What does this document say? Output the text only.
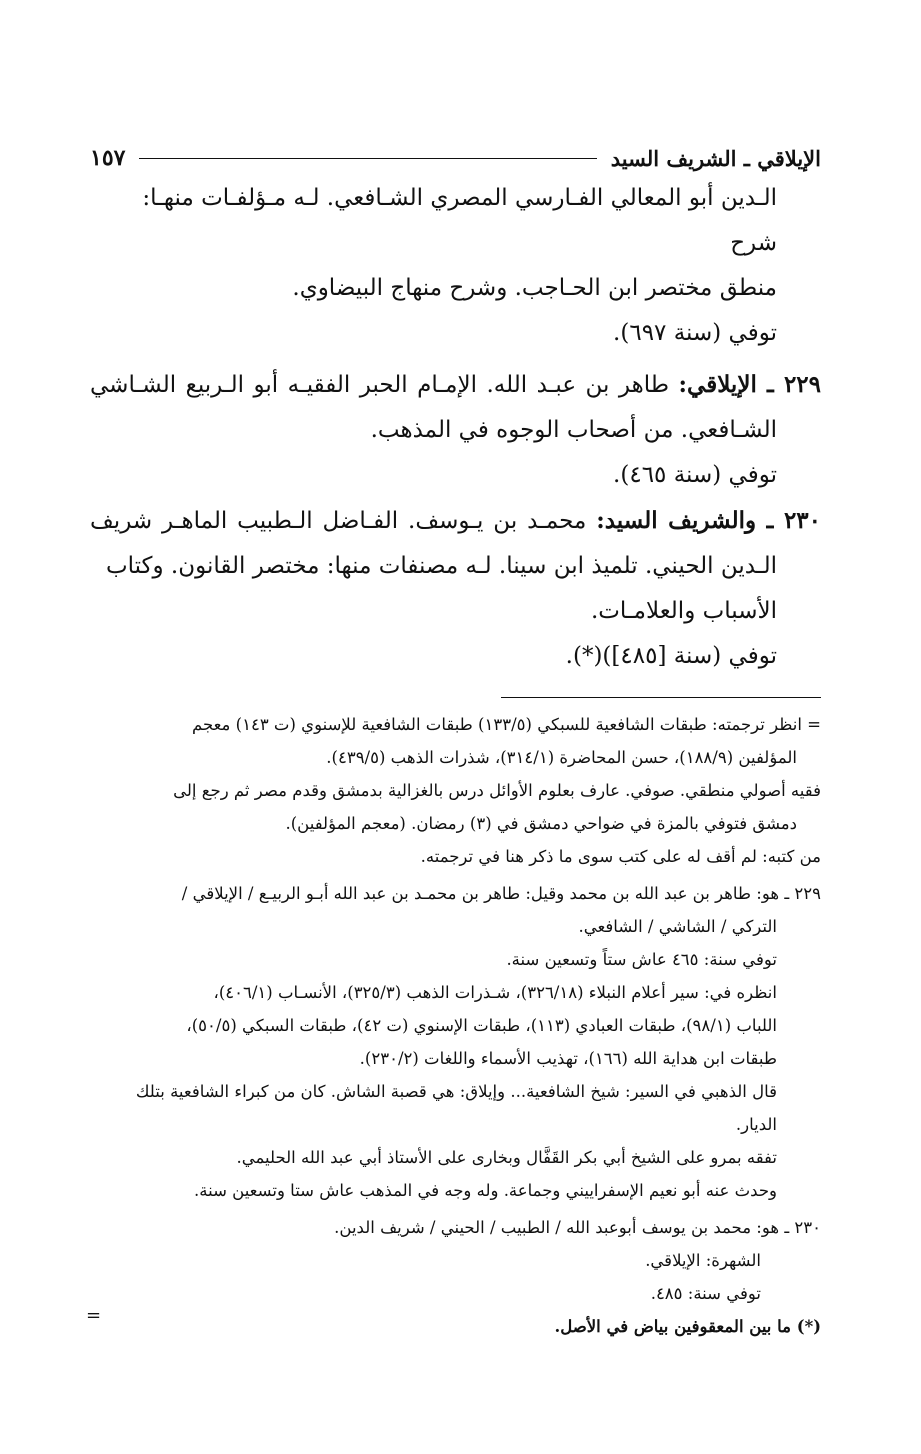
الإيلاقي ـ الشريف السيد
١٥٧

الـدين أبو المعالي الفـارسي المصري الشـافعي. لـه مـؤلفـات منهـا: شرح

منطق مختصر ابن الحـاجب. وشرح منهاج البيضاوي.

توفي (سنة ٦٩٧).

٢٢٩ ـ الإيلاقي: طاهر بن عبـد الله. الإمـام الحبر الفقيـه أبو الـربيع الشـاشي

الشـافعي. من أصحاب الوجوه في المذهب.

توفي (سنة ٤٦٥).

٢٣٠ ـ والشريف السيد: محمـد بن يـوسف. الفـاضل الـطبيب الماهـر شريف

الـدين الحيني. تلميذ ابن سينا. لـه مصنفات منها: مختصر القانون. وكتاب

الأسباب والعلامـات.

توفي (سنة [٤٨٥])(*).

= انظر ترجمته: طبقات الشافعية للسبكي (١٣٣/٥) طبقات الشافعية للإسنوي (ت ١٤٣) معجم

المؤلفين (١٨٨/٩)، حسن المحاضرة (٣١٤/١)، شذرات الذهب (٤٣٩/٥).

فقيه أصولي منطقي. صوفي. عارف بعلوم الأوائل درس بالغزالية بدمشق وقدم مصر ثم رجع إلى

دمشق فتوفي بالمزة في ضواحي دمشق في (٣) رمضان. (معجم المؤلفين).

من كتبه: لم أقف له على كتب سوى ما ذكر هنا في ترجمته.

٢٢٩ ـ هو: طاهر بن عبد الله بن محمد وقيل: طاهر بن محمـد بن عبد الله أبـو الربيـع / الإيلاقي /

التركي / الشاشي / الشافعي.

توفي سنة: ٤٦٥ عاش ستاً وتسعين سنة.

انظره في: سير أعلام النبلاء (٣٢٦/١٨)، شـذرات الذهب (٣٢٥/٣)، الأنسـاب (٤٠٦/١)،

اللباب (٩٨/١)، طبقات العبادي (١١٣)، طبقات الإسنوي (ت ٤٢)، طبقات السبكي (٥٠/٥)،

طبقات ابن هداية الله (١٦٦)، تهذيب الأسماء واللغات (٢٣٠/٢).

قال الذهبي في السير: شيخ الشافعية... وإيلاق: هي قصبة الشاش. كان من كبراء الشافعية بتلك

الديار.

تفقه بمرو على الشيخ أبي بكر القَفَّال وبخارى على الأستاذ أبي عبد الله الحليمي.

وحدث عنه أبو نعيم الإسفراييني وجماعة. وله وجه في المذهب عاش ستا وتسعين سنة.

٢٣٠ ـ هو: محمد بن يوسف أبوعبد الله / الطبيب / الحيني / شريف الدين.

الشهرة: الإيلاقي.

توفي سنة: ٤٨٥.

(*) ما بين المعقوفين بياض في الأصل.

=
